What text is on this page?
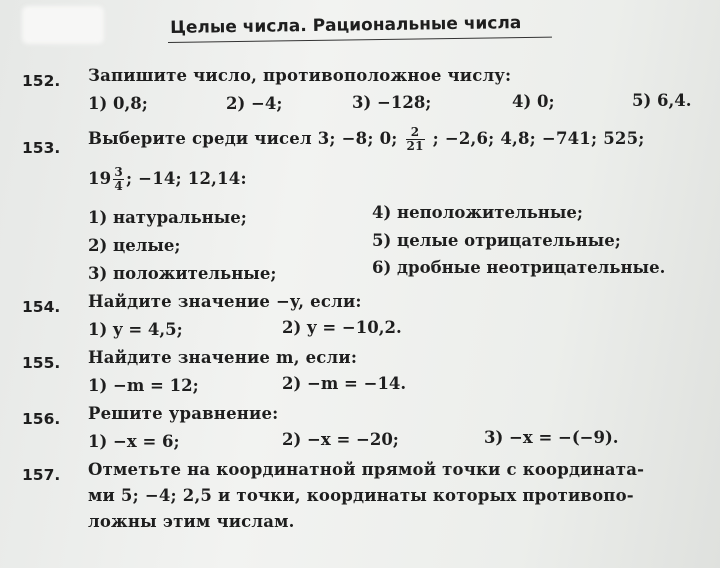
Целые числа. Рациональные числа
152. Запишите число, противоположное числу:
1) 0,8;	2) −4;	3) −128;	4) 0;	5) 6,4.
153. Выберите среди чисел 3; −8; 0; $\frac{2}{21}$ ; −2,6; 4,8; −741; 525;
$19 \frac{3}{4}$ ; −14; 12,14:
1) натуральные;
2) целые;
3) положительные;
4) неположительные;
5) целые отрицательные;
6) дробные неотрицательные.
154. Найдите значение −y, если:
1) y = 4,5;	2) y = −10,2.
155. Найдите значение m, если:
1) −m = 12;	2) −m = −14.
156. Решите уравнение:
1) −x = 6;	2) −x = −20;	3) −x = −(−9).
157. Отметьте на координатной прямой точки с координата-
ми 5; −4; 2,5 и точки, координаты которых противопо-
ложны этим числам.
